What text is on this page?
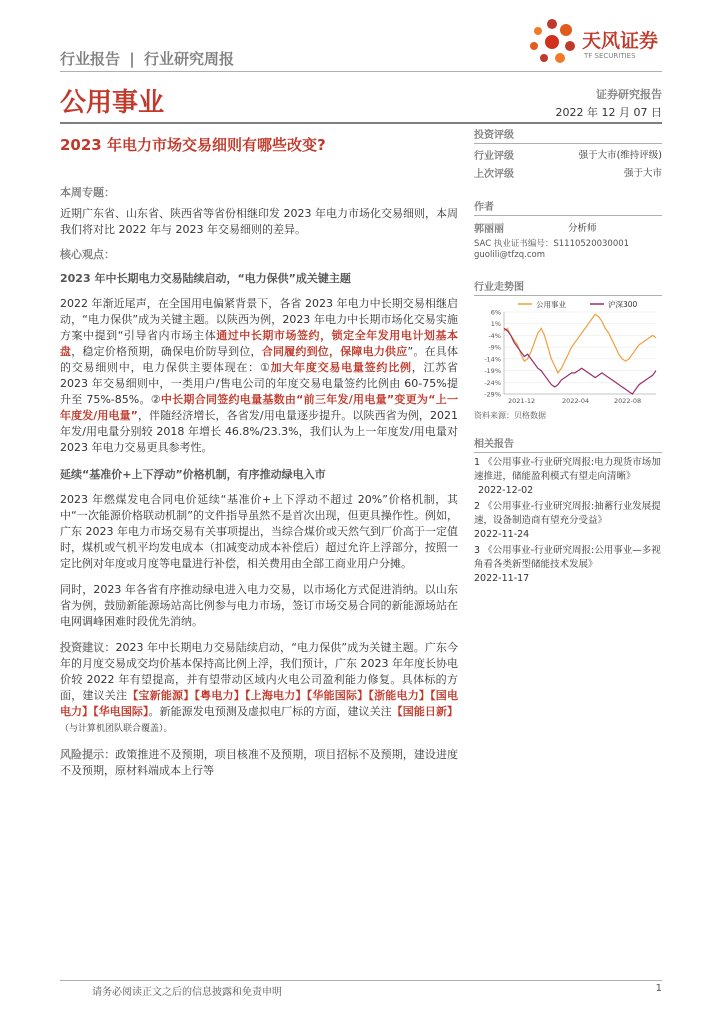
行业报告 | 行业研究周报
天风证券
TF SECURITIES
公用事业	证券研究报告
2022 年 12 月 07 日
2023 年电力市场交易细则有哪些改变?
投资评级
行业评级	强于大市(维持评级)
上次评级	强于大市
作者
郭丽丽	分析师
SAC 执业证书编号：S1110520030001
guolili@tfzq.com
行业走势图
公用事业	沪深300
6%
1%
-4%
-9%
-14%
-19%
-24%
-29%
2021-12	2022-04	2022-08
资料来源：贝格数据
相关报告
1 《公用事业-行业研究周报:电力现货市场加速推进，储能盈利模式有望走向清晰》 2022-12-02
2 《公用事业-行业研究周报:抽蓄行业发展提速，设备制造商有望充分受益》
2022-11-24
3 《公用事业-行业研究周报:公用事业—多视角看各类新型储能技术发展》
2022-11-17
本周专题：

近期广东省、山东省、陕西省等省份相继印发 2023 年电力市场化交易细则，本周我们将对比 2022 年与 2023 年交易细则的差异。

核心观点：
2023 年中长期电力交易陆续启动，“电力保供”成关键主题

2022 年渐近尾声，在全国用电偏紧背景下，各省 2023 年电力中长期交易相继启动，“电力保供”成为关键主题。以陕西为例，2023 年电力中长期市场化交易实施方案中提到“引导省内市场主体通过中长期市场签约，锁定全年发用电计划基本盘，稳定价格预期，确保电价防导到位，合同履约到位，保障电力供应”。在具体的交易细则中，电力保供主要体现在：①加大年度交易电量签约比例，江苏省 2023 年交易细则中，一类用户/售电公司的年度交易电量签约比例由 60-75%提升至 75%-85%。②中长期合同签约电量基数由“前三年发/用电量”变更为“上一年度发/用电量”，伴随经济增长，各省发/用电量逐步提升。以陕西省为例，2021 年发/用电量分别较 2018 年增长 46.8%/23.3%，我们认为上一年度发/用电量对 2023 年电力交易更具参考性。

延续“基准价+上下浮动”价格机制，有序推动绿电入市

2023 年燃煤发电合同电价延续“基准价+上下浮动不超过 20%”价格机制，其中“一次能源价格联动机制”的文件指导虽然不是首次出现，但更具操作性。例如，广东 2023 年电力市场交易有关事项提出，当综合煤价或天然气到厂价高于一定值时，煤机或气机平均发电成本（扣减变动成本补偿后）超过允许上浮部分，按照一定比例对年度或月度等电量进行补偿，相关费用由全部工商业用户分摊。

同时，2023 年各省有序推动绿电进入电力交易，以市场化方式促进消纳。以山东省为例，鼓励新能源场站高比例参与电力市场，签订市场交易合同的新能源场站在电网调峰困难时段优先消纳。

投资建议：2023 年中长期电力交易陆续启动，“电力保供”成为关键主题。广东今年的月度交易成交均价基本保持高比例上浮，我们预计，广东 2023 年年度长协电价较 2022 年有望提高，并有望带动区域内火电公司盈利能力修复。具体标的方面，建议关注【宝新能源】【粤电力】【上海电力】【华能国际】【浙能电力】【国电电力】【华电国际】。新能源发电预测及虚拟电厂标的方面，建议关注【国能日新】（与计算机团队联合覆盖）。

风险提示：政策推进不及预期，项目核准不及预期，项目招标不及预期，建设进度不及预期，原材料端成本上行等

请务必阅读正文之后的信息披露和免责申明	1
